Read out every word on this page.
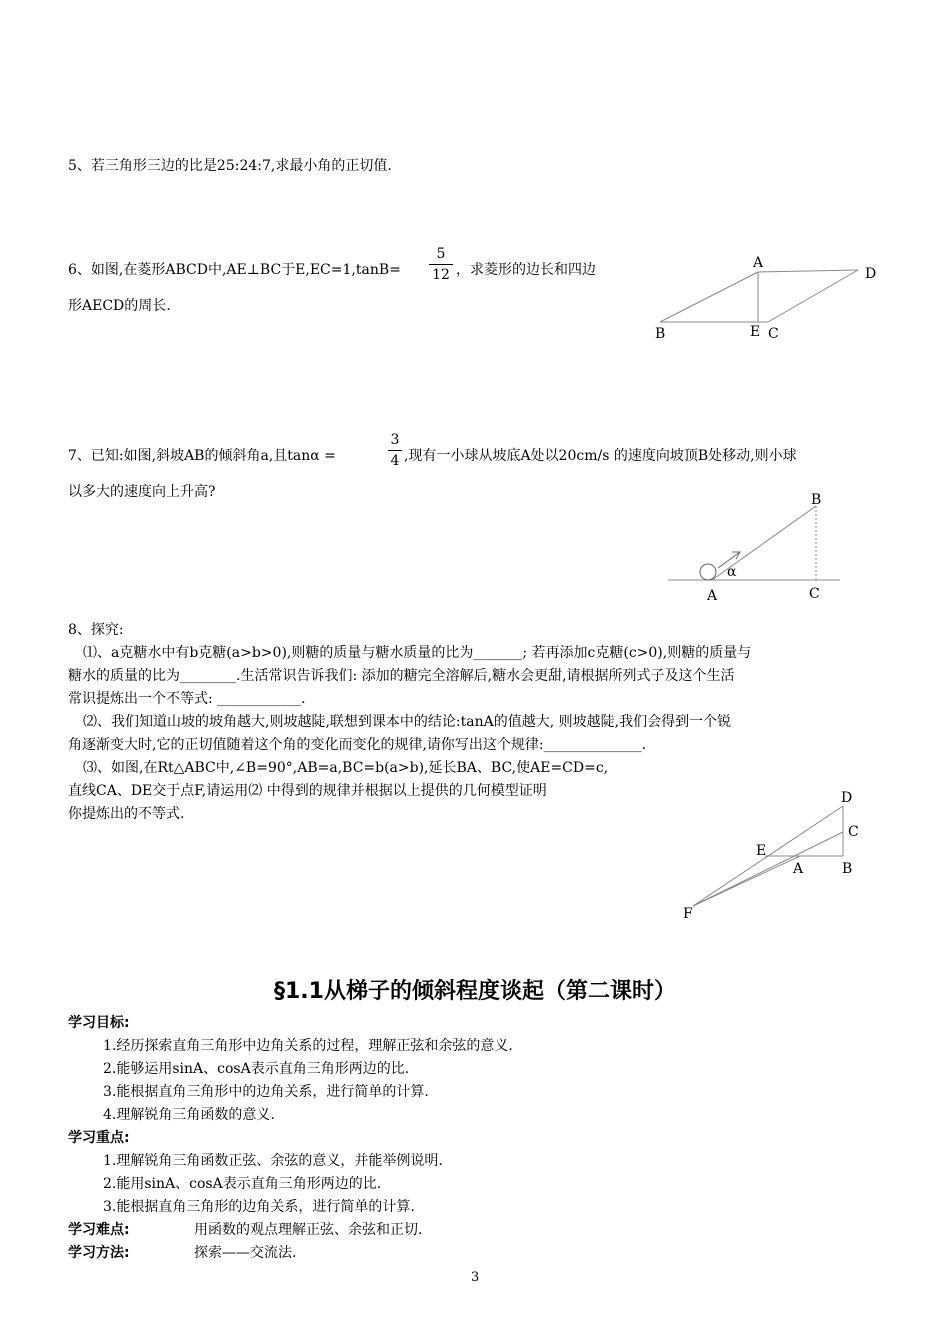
5、若三角形三边的比是25:24:7,求最小角的正切值.
6、如图,在菱形ABCD中,AE⊥BC于E,EC=1,tanB=
5
12 ，求菱形的边长和四边
形AECD的周长.
A
D
B	E C
7、已知:如图,斜坡AB的倾斜角a,且tanα =
3
4 ,现有一小球从坡底A处以20cm/s 的速度向坡顶B处移动,则小球
以多大的速度向上升高?
α
B
A	C
8、探究:
⑴、a克糖水中有b克糖(a>b>0),则糖的质量与糖水质量的比为_______; 若再添加c克糖(c>0),则糖的质量与
糖水的质量的比为________.生活常识告诉我们: 添加的糖完全溶解后,糖水会更甜,请根据所列式子及这个生活
常识提炼出一个不等式: ____________.
⑵、我们知道山坡的坡角越大,则坡越陡,联想到课本中的结论:tanA的值越大, 则坡越陡,我们会得到一个锐
角逐渐变大时,它的正切值随着这个角的变化而变化的规律,请你写出这个规律:______________.
⑶、如图,在Rt△ABC中,∠B=90°,AB=a,BC=b(a>b),延长BA、BC,使AE=CD=c,
直线CA、DE交于点F,请运用⑵ 中得到的规律并根据以上提供的几何模型证明
你提炼出的不等式.
D
C
E
A	B
F
§1.1从梯子的倾斜程度谈起（第二课时）
学习目标:
1.经历探索直角三角形中边角关系的过程，理解正弦和余弦的意义.
2.能够运用sinA、cosA表示直角三角形两边的比.
3.能根据直角三角形中的边角关系，进行简单的计算.
4.理解锐角三角函数的意义.
学习重点:
1.理解锐角三角函数正弦、余弦的意义，并能举例说明.
2.能用sinA、cosA表示直角三角形两边的比.
3.能根据直角三角形的边角关系，进行简单的计算.
学习难点:	用函数的观点理解正弦、余弦和正切.
学习方法:	探索——交流法.
3
